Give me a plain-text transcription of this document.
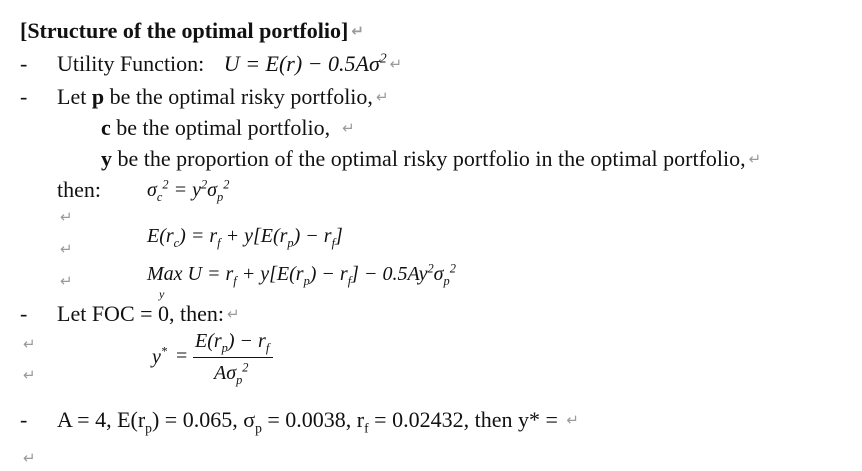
[Structure of the optimal portfolio] ↵
- Utility Function: $U = E(r) - 0.5A\sigma^2$ ↵
- Let p be the optimal risky portfolio, ↵
c be the optimal portfolio, ↵
y be the proportion of the optimal risky portfolio in the optimal portfolio, ↵
then: $\sigma_c^2 = y^2\sigma_p^2$
↵
$E(r_c) = r_f + y[E(r_p) - r_f]$
↵
Max
y
$U = r_f + y[E(r_p) - r_f] - 0.5Ay^2\sigma_p^2$
↵
- Let FOC = 0, then: ↵
↵
↵
y* =
$E(r_p) - r_f$
$A\sigma_p^2$
- A = 4, $E(r_p) = 0.065$, $\sigma_p = 0.0038$, $r_f = 0.02432$, then y* = ↵
↵
